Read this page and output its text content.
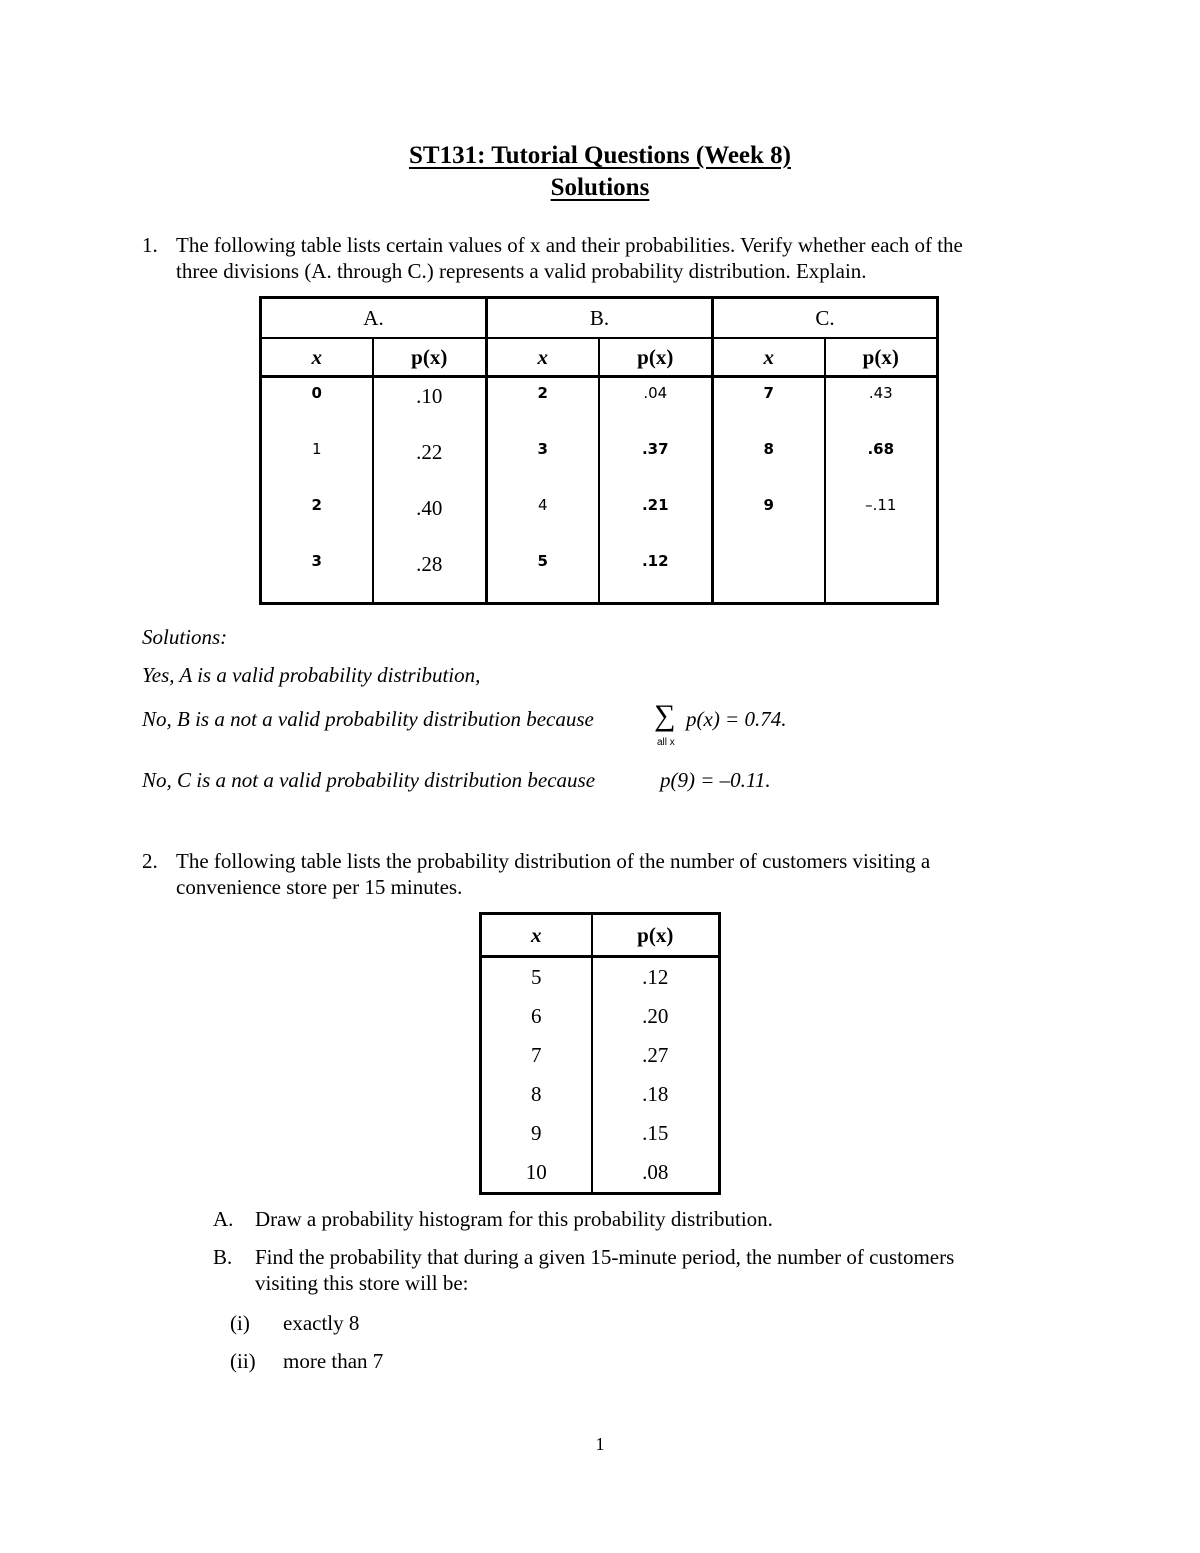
ST131: Tutorial Questions (Week 8)
Solutions
1. The following table lists certain values of x and their probabilities. Verify whether each of the
three divisions (A. through C.) represents a valid probability distribution. Explain.
A.		B.		C.	
x	p(x)	x	p(x)	x	p(x)
0	.10	2	.04	7	.43
1	.22	3	.37	8	.68
2	.40	4	.21	9	–.11
3	.28	5	.12		
Solutions:
Yes, A is a valid probability distribution,
No, B is a not a valid probability distribution because ∑
all x
p(x) = 0.74.
No, C is a not a valid probability distribution because	p(9) = –0.11.
2. The following table lists the probability distribution of the number of customers visiting a
convenience store per 15 minutes.
x	p(x)
5	.12
6	.20
7	.27
8	.18
9	.15
10	.08
A. Draw a probability histogram for this probability distribution.
B. Find the probability that during a given 15-minute period, the number of customers
visiting this store will be:
(i) exactly 8
(ii) more than 7
1
